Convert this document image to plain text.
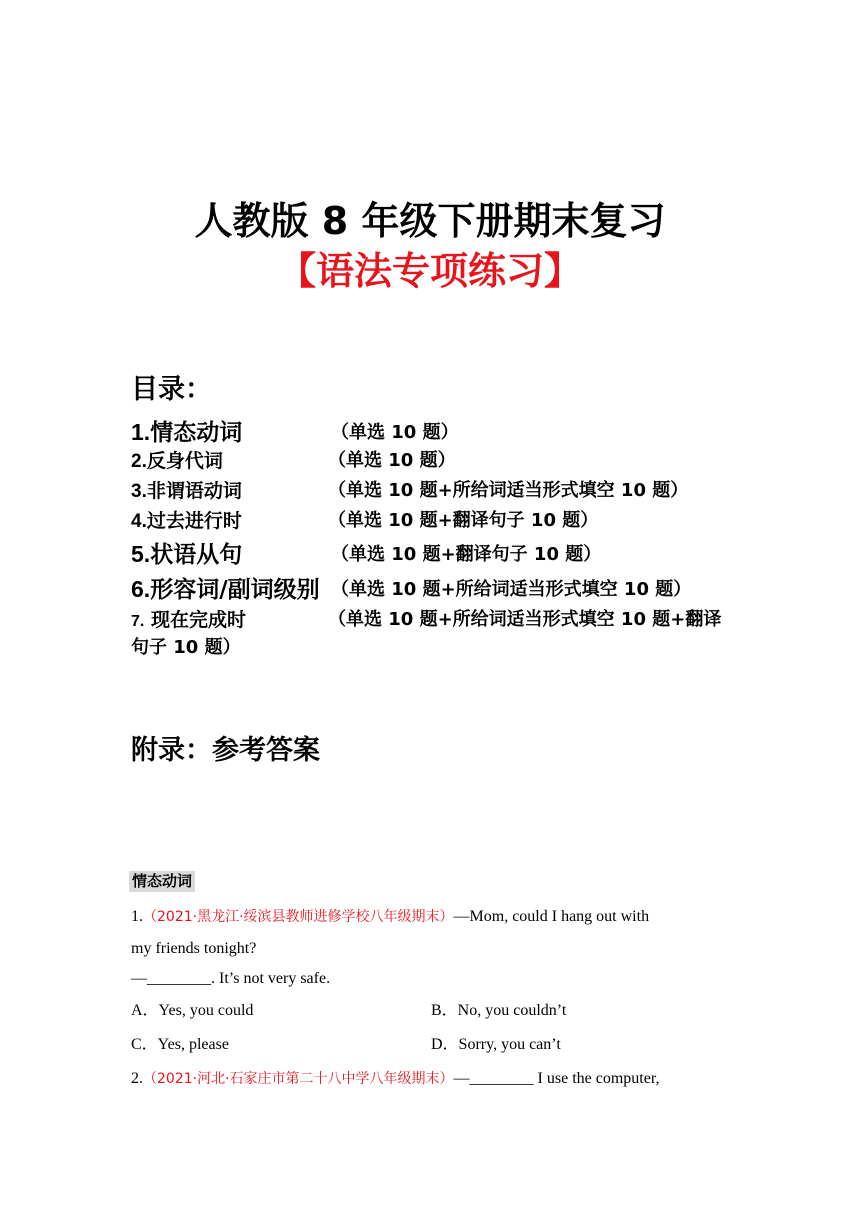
人教版 8 年级下册期末复习
【语法专项练习】
目录：
1.情态动词	（单选 10 题）
2.反身代词	（单选 10 题）
3.非谓语动词	（单选 10 题+所给词适当形式填空 10 题）
4.过去进行时	（单选 10 题+翻译句子 10 题）
5.状语从句	（单选 10 题+翻译句子 10 题）
6.形容词/副词级别 （单选 10 题+所给词适当形式填空 10 题）
7. 现在完成时	（单选 10 题+所给词适当形式填空 10 题+翻译
句子 10 题）
附录：参考答案
情态动词
1.（2021·黑龙江·绥滨县教师进修学校八年级期末）—Mom, could I hang out with
my friends tonight?
—________. It’s not very safe.
A．Yes, you could	B．No, you couldn’t
C．Yes, please	D．Sorry, you can’t
2.（2021·河北·石家庄市第二十八中学八年级期末）—________ I use the computer,
